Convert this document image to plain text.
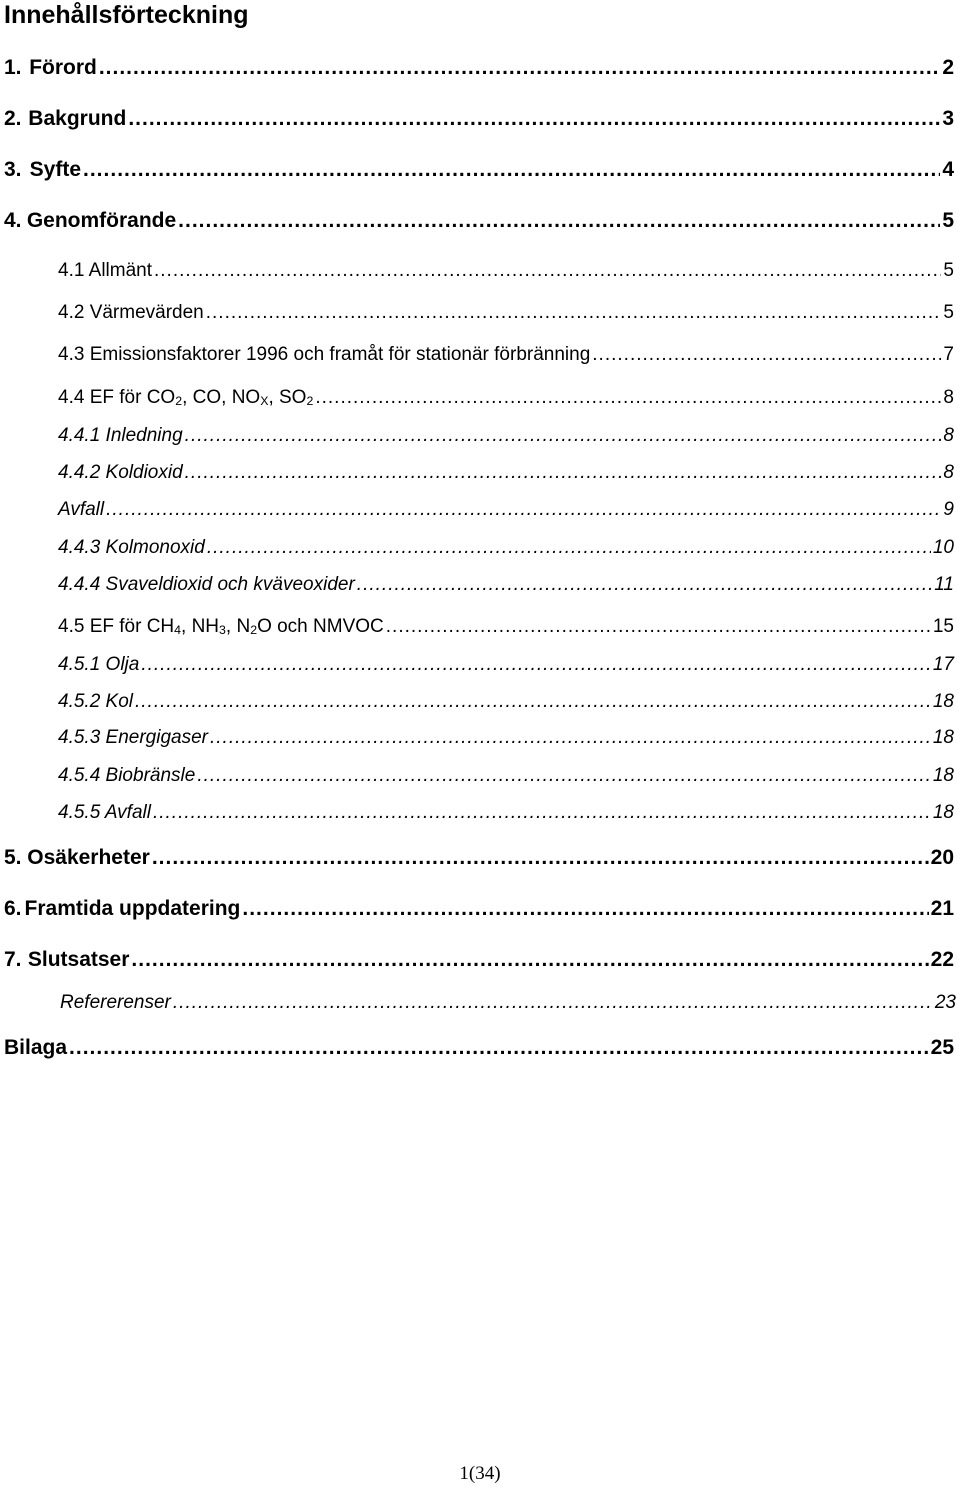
Innehållsförteckning
1. Förord .....	2
2. Bakgrund .....	3
3. Syfte .....	4
4. Genomförande .....	5
4.1 Allmänt .....	5
4.2 Värmevärden .....	5
4.3 Emissionsfaktorer 1996 och framåt för stationär förbränning .....	7
4.4 EF för $CO_2$, CO, $NO_X$, $SO_2$ .....	8
4.4.1 Inledning .....	8
4.4.2 Koldioxid .....	8
Avfall .....	9
4.4.3 Kolmonoxid .....	10
4.4.4 Svaveldioxid och kväveoxider .....	11
4.5 EF för $CH_4$, $NH_3$, $N_2O$ och NMVOC .....	15
4.5.1 Olja .....	17
4.5.2 Kol .....	18
4.5.3 Energigaser .....	18
4.5.4 Biobränsle .....	18
4.5.5 Avfall .....	18
5. Osäkerheter .....	20
6. Framtida uppdatering .....	21
7. Slutsatser .....	22
Refererenser .....	23
Bilaga .....	25
1(34)
